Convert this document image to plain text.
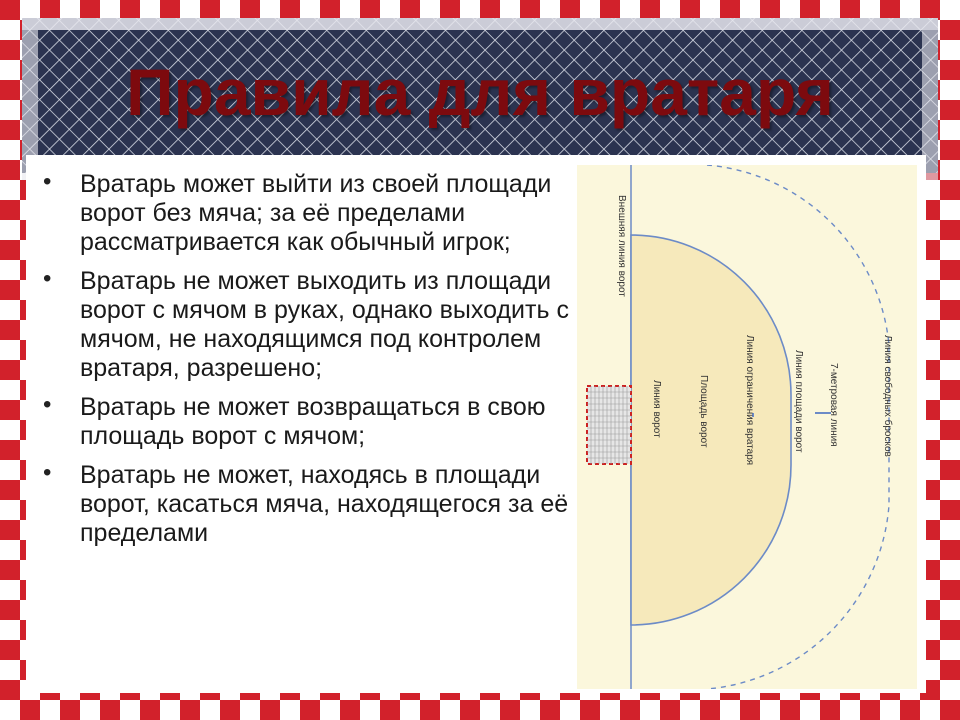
Правила для вратаря
• Вратарь может выйти из своей площади ворот без мяча; за её пределами рассматривается как обычный игрок;
• Вратарь не может выходить из площади ворот с мячом в руках, однако выходить с мячом, не находящимся под контролем вратаря, разрешено;
• Вратарь не может возвращаться в свою площадь ворот с мячом;
• Вратарь не может, находясь в площади ворот, касаться мяча, находящегося за её пределами
Внешняя линия ворот
Линия ворот	Площадь ворот	Линия ограничения вратаря	Линия площади ворот 7-метровая линия	Линия свободных бросков
